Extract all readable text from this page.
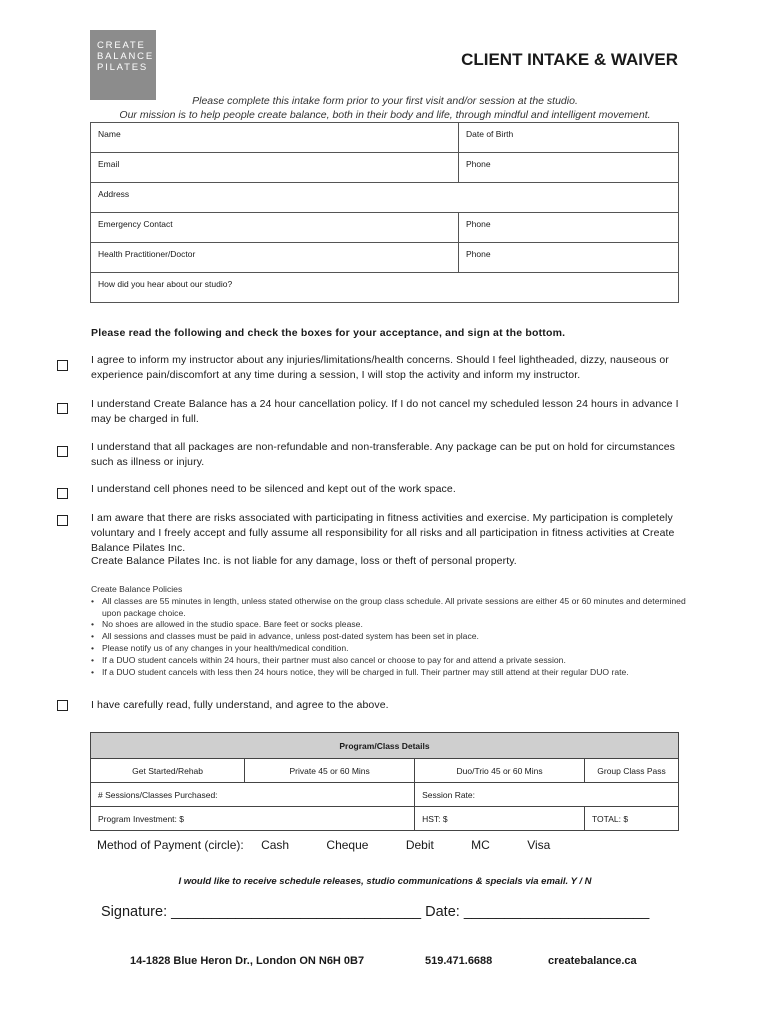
CREATE
BALANCE
PILATES	CLIENT INTAKE & WAIVER
Please complete this intake form prior to your first visit and/or session at the studio.
Our mission is to help people create balance, both in their body and life, through mindful and intelligent movement.
Name	Date of Birth
Email	Phone
Address	
Emergency Contact	Phone
Health Practitioner/Doctor	Phone
How did you hear about our studio?	
Please read the following and check the boxes for your acceptance, and sign at the bottom.
I agree to inform my instructor about any injuries/limitations/health concerns. Should I feel lightheaded, dizzy, nauseous or experience pain/discomfort at any time during a session, I will stop the activity and inform my instructor.
I understand Create Balance has a 24 hour cancellation policy. If I do not cancel my scheduled lesson 24 hours in advance I may be charged in full.
I understand that all packages are non-refundable and non-transferable. Any package can be put on hold for circumstances such as illness or injury.
I understand cell phones need to be silenced and kept out of the work space.
I am aware that there are risks associated with participating in fitness activities and exercise. My participation is completely voluntary and I freely accept and fully assume all responsibility for all risks and all participation in fitness activities at Create Balance Pilates Inc.
Create Balance Pilates Inc. is not liable for any damage, loss or theft of personal property.
Create Balance Policies
• All classes are 55 minutes in length, unless stated otherwise on the group class schedule. All private sessions are either 45 or 60 minutes and determined upon package choice.
• No shoes are allowed in the studio space. Bare feet or socks please.
• All sessions and classes must be paid in advance, unless post-dated system has been set in place.
• Please notify us of any changes in your health/medical condition.
• If a DUO student cancels within 24 hours, their partner must also cancel or choose to pay for and attend a private session.
• If a DUO student cancels with less then 24 hours notice, they will be charged in full. Their partner may still attend at their regular DUO rate.
I have carefully read, fully understand, and agree to the above.
Program/Class Details			
Get Started/Rehab	Private 45 or 60 Mins	Duo/Trio 45 or 60 Mins	Group Class Pass
# Sessions/Classes Purchased:		Session Rate:	
Program Investment: $		HST: $	TOTAL: $
Method of Payment (circle): Cash	Cheque	Debit	MC	Visa
I would like to receive schedule releases, studio communications & specials via email. Y / N
Signature: _______________________________ Date: _______________________
14-1828 Blue Heron Dr., London ON N6H 0B7	519.471.6688	createbalance.ca
